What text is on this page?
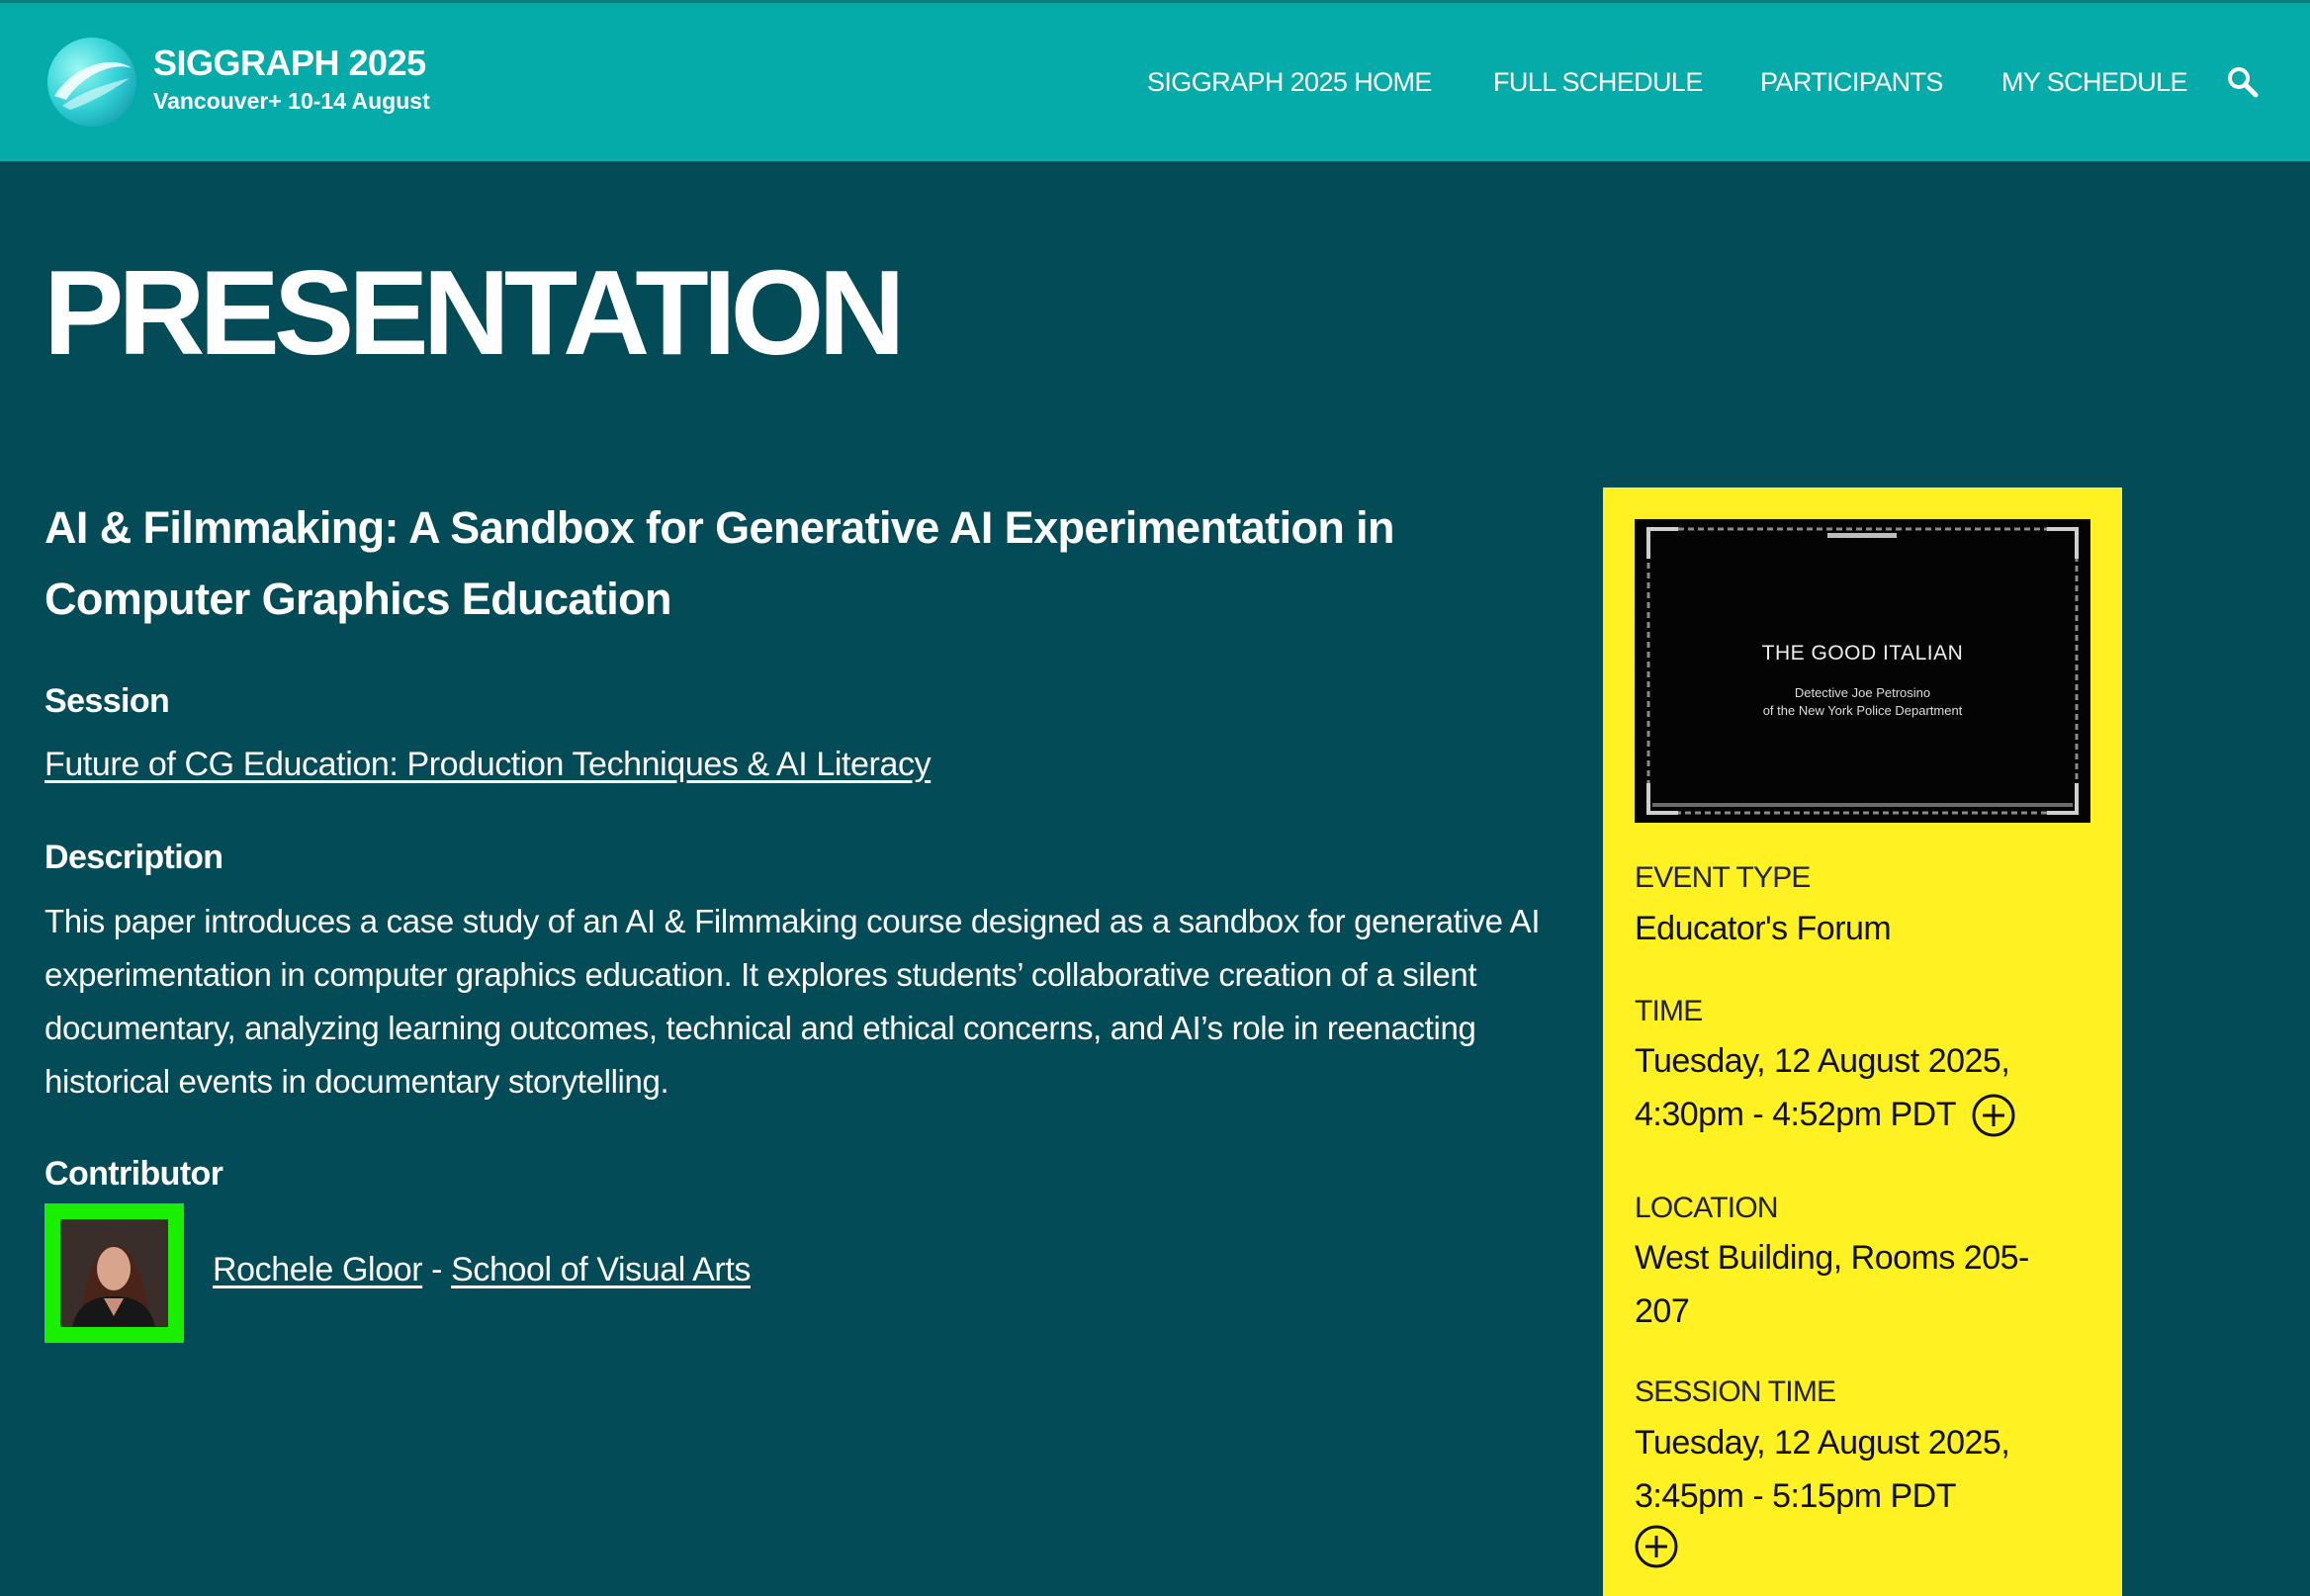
SIGGRAPH 2025
Vancouver+ 10-14 August
SIGGRAPH 2025 HOME FULL SCHEDULE PARTICIPANTS MY SCHEDULE
PRESENTATION
AI & Filmmaking: A Sandbox for Generative AI Experimentation in Computer Graphics Education
Session
Future of CG Education: Production Techniques & AI Literacy
Description

This paper introduces a case study of an AI & Filmmaking course designed as a sandbox for generative AI experimentation in computer graphics education. It explores students’ collaborative creation of a silent documentary, analyzing learning outcomes, technical and ethical concerns, and AI’s role in reenacting historical events in documentary storytelling.

Contributor
Rochele Gloor - School of Visual Arts
THE GOOD ITALIAN
Detective Joe Petrosino
of the New York Police Department
EVENT TYPE
Educator's Forum
TIME
Tuesday, 12 August 2025,
4:30pm - 4:52pm PDT
LOCATION
West Building, Rooms 205-207
SESSION TIME
Tuesday, 12 August 2025,
3:45pm - 5:15pm PDT
